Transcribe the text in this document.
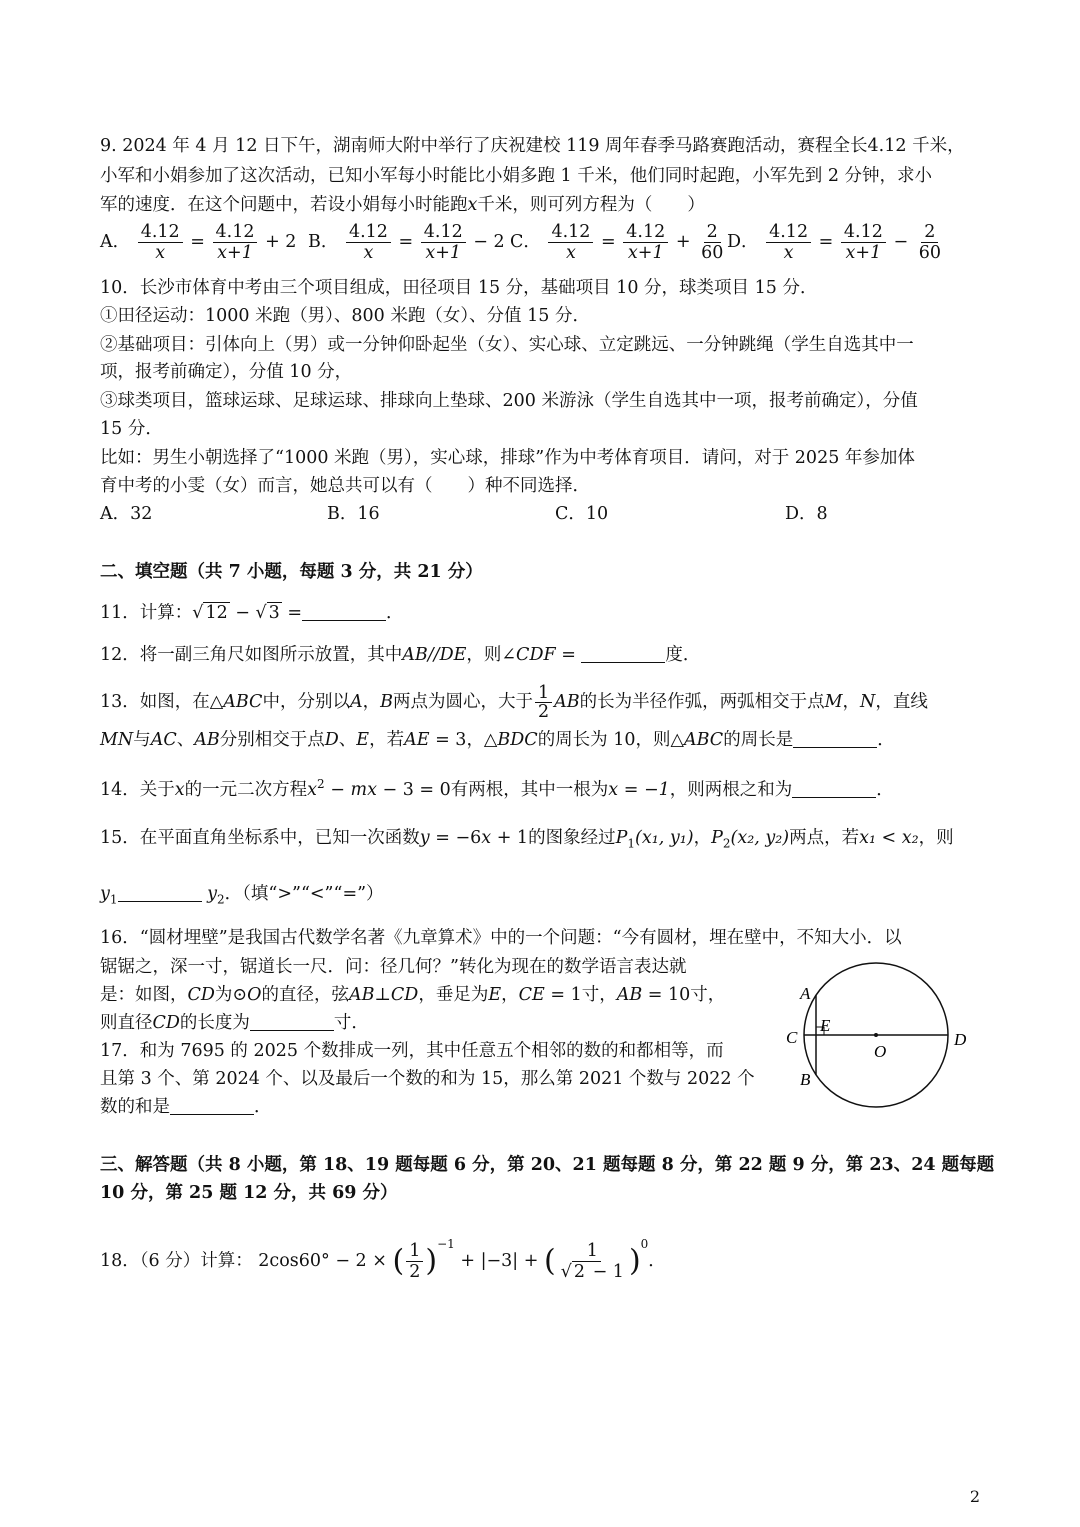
9. 2024 年 4 月 12 日下午，湖南师大附中举行了庆祝建校 119 周年春季马路赛跑活动，赛程全长4.12 千米，
小军和小娟参加了这次活动，已知小军每小时能比小娟多跑 1 千米，他们同时起跑，小军先到 2 分钟，求小
军的速度．在这个问题中，若设小娟每小时能跑x千米，则可列方程为（　　）
A． $\frac{4.12}{x} = \frac{4.12}{x+1} + 2$ B． $\frac{4.12}{x} = \frac{4.12}{x+1} - 2$ C． $\frac{4.12}{x} = \frac{4.12}{x+1} + \frac{2}{60}$ D． $\frac{4.12}{x} = \frac{4.12}{x+1} - \frac{2}{60}$
10．长沙市体育中考由三个项目组成，田径项目 15 分，基础项目 10 分，球类项目 15 分．
①田径运动：1000 米跑（男）、800 米跑（女）、分值 15 分．
②基础项目：引体向上（男）或一分钟仰卧起坐（女）、实心球、立定跳远、一分钟跳绳（学生自选其中一
项，报考前确定），分值 10 分，
③球类项目，篮球运球、足球运球、排球向上垫球、200 米游泳（学生自选其中一项，报考前确定），分值
15 分．
比如：男生小朝选择了“1000 米跑（男），实心球，排球”作为中考体育项目．请问，对于 2025 年参加体
育中考的小雯（女）而言，她总共可以有（　　）种不同选择．
A．32	B．16	C．10	D．8
二、填空题（共 7 小题，每题 3 分，共 21 分）
11．计算：√ 12 − √ 3 =	．
12．将一副三角尺如图所示放置，其中AB//DE，则∠CDF =	度．
13．如图，在△ABC中，分别以A，B两点为圆心，大于 $\frac{1}{2}$ AB的长为半径作弧，两弧相交于点M，N，直线
MN与AC、AB分别相交于点D、E，若AE = 3，△BDC的周长为 10，则△ABC的周长是	．
14．关于x的一元二次方程$x^2$ − mx − 3 = 0有两根，其中一根为x = −1，则两根之和为	．
15．在平面直角坐标系中，已知一次函数y = −6x + 1的图象经过$P_1(x_1$, y₁)，$P_2(x_2$, y₂)两点，若x₁ < x₂，则
$y_1$	$y_2$．（填“>”“<”“=”）
16．“圆材埋壁”是我国古代数学名著《九章算术》中的一个问题：“今有圆材，埋在壁中，不知大小．以
锯锯之，深一寸，锯道长一尺．问：径几何？”转化为现在的数学语言表达就
是：如图，CD为⊙O的直径，弦AB⊥CD，垂足为E，CE = 1寸，AB = 10寸，
则直径CD的长度为	寸．
17．和为 7695 的 2025 个数排成一列，其中任意五个相邻的数的和都相等，而
且第 3 个、第 2024 个、以及最后一个数的和为 15，那么第 2021 个数与 2022 个
数的和是	．
A
B
C	D
E
O
三、解答题（共 8 小题，第 18、19 题每题 6 分，第 20、21 题每题 8 分，第 22 题 9 分，第 23、24 题每题
10 分，第 25 题 12 分，共 69 分）
18．（6 分）计算： 2cos60° − 2 × ( $\frac{1}{2} )^{-1} + |-3|$ + ( $\frac{1}{√ 2 - 1} )^0$．
2
